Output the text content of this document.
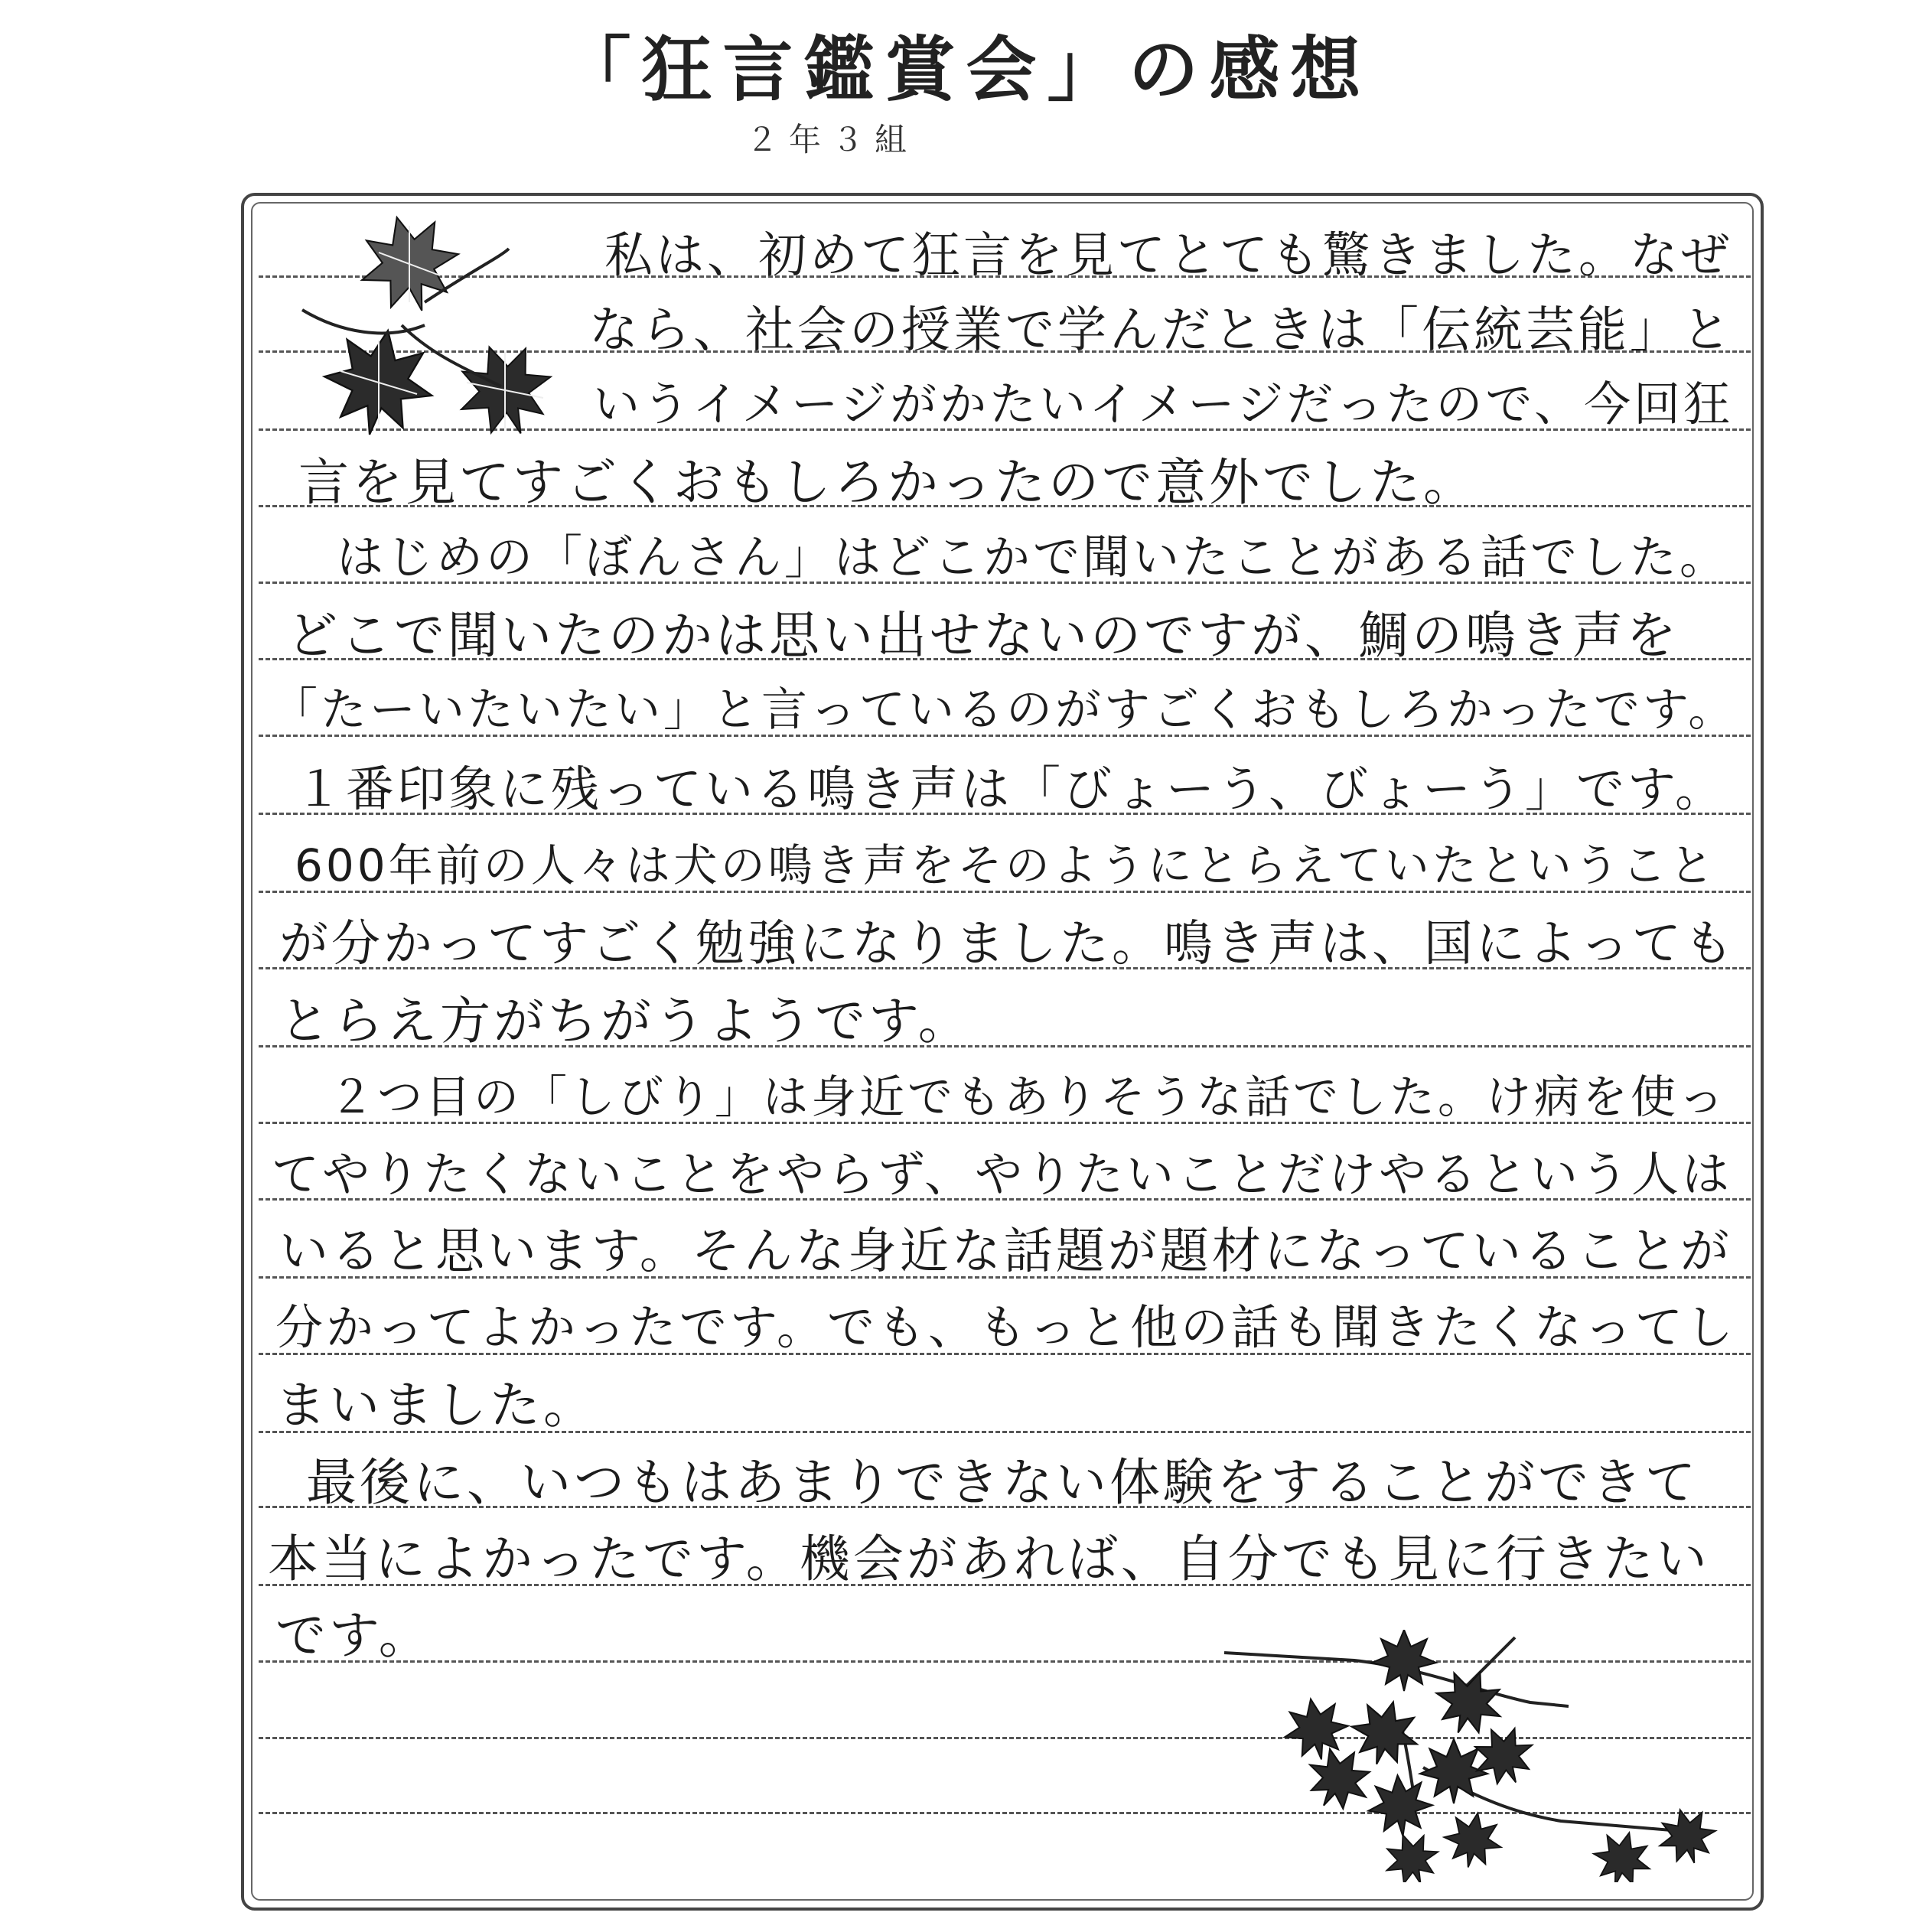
「狂言鑑賞会」の感想
２年３組
私は、初めて狂言を見てとても驚きました。なぜ
なら、社会の授業で学んだときは「伝統芸能」と
いうイメージがかたいイメージだったので、今回狂
言を見てすごくおもしろかったので意外でした。
はじめの「ぼんさん」はどこかで聞いたことがある話でした。
どこで聞いたのかは思い出せないのですが、鯛の鳴き声を
「たーいたいたい」と言っているのがすごくおもしろかったです。
１番印象に残っている鳴き声は「びょーう、びょーう」です。
600年前の人々は犬の鳴き声をそのようにとらえていたということ
が分かってすごく勉強になりました。鳴き声は、国によっても
とらえ方がちがうようです。
２つ目の「しびり」は身近でもありそうな話でした。け病を使っ
てやりたくないことをやらず、やりたいことだけやるという人は
いると思います。そんな身近な話題が題材になっていることが
分かってよかったです。でも、もっと他の話も聞きたくなってし
まいました。
最後に、いつもはあまりできない体験をすることができて
本当によかったです。機会があれば、自分でも見に行きたい
です。
